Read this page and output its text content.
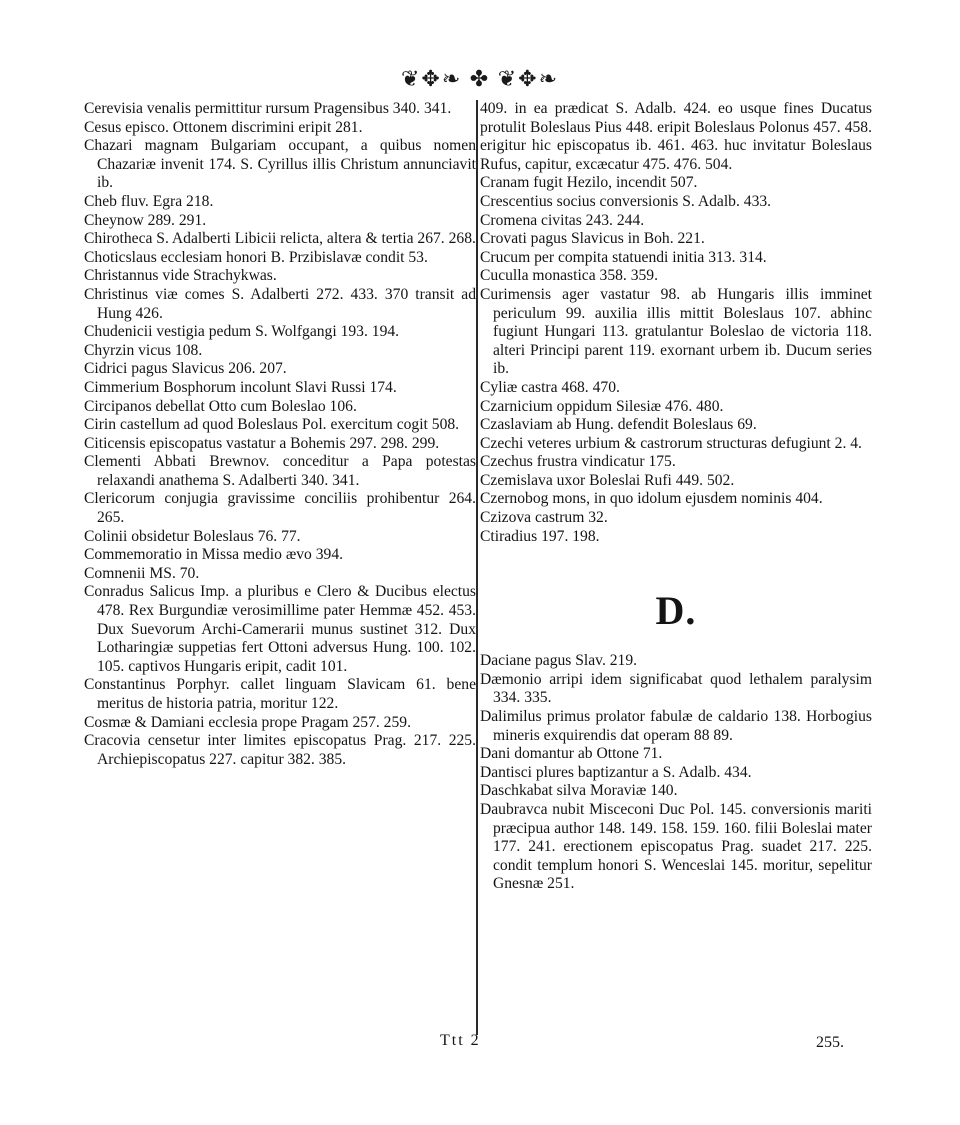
❦✥❧ ✤ ❦✥❧
Cerevisia venalis permittitur rursum Pragensibus 340. 341.
Cesus episco. Ottonem discrimini eripit 281.
Chazari magnam Bulgariam occupant, a quibus nomen Chazariæ invenit 174. S. Cyrillus illis Christum annunciavit ib.
Cheb fluv. Egra 218.
Cheynow 289. 291.
Chirotheca S. Adalberti Libicii relicta, altera & tertia 267. 268.
Choticslaus ecclesiam honori B. Przibislavæ condit 53.
Christannus vide Strachykwas.
Christinus viæ comes S. Adalberti 272. 433. 370 transit ad Hung 426.
Chudenicii vestigia pedum S. Wolfgangi 193. 194.
Chyrzin vicus 108.
Cidrici pagus Slavicus 206. 207.
Cimmerium Bosphorum incolunt Slavi Russi 174.
Circipanos debellat Otto cum Boleslao 106.
Cirin castellum ad quod Boleslaus Pol. exercitum cogit 508.
Citicensis episcopatus vastatur a Bohemis 297. 298. 299.
Clementi Abbati Brewnov. conceditur a Papa potestas relaxandi anathema S. Adalberti 340. 341.
Clericorum conjugia gravissime conciliis prohibentur 264. 265.
Colinii obsidetur Boleslaus 76. 77.
Commemoratio in Missa medio ævo 394.
Comnenii MS. 70.
Conradus Salicus Imp. a pluribus e Clero & Ducibus electus 478. Rex Burgundiæ verosimillime pater Hemmæ 452. 453. Dux Suevorum Archi-Camerarii munus sustinet 312. Dux Lotharingiæ suppetias fert Ottoni adversus Hung. 100. 102. 105. captivos Hungaris eripit, cadit 101.
Constantinus Porphyr. callet linguam Slavicam 61. bene meritus de historia patria, moritur 122.
Cosmæ & Damiani ecclesia prope Pragam 257. 259.
Cracovia censetur inter limites episcopatus Prag. 217. 225. Archiepiscopatus 227. capitur 382. 385.
409. in ea prædicat S. Adalb. 424. eo usque fines Ducatus protulit Boleslaus Pius 448. eripit Boleslaus Polonus 457. 458. erigitur hic episcopatus ib. 461. 463. huc invitatur Boleslaus Rufus, capitur, excæcatur 475. 476. 504.
Cranam fugit Hezilo, incendit 507.
Crescentius socius conversionis S. Adalb. 433.
Cromena civitas 243. 244.
Crovati pagus Slavicus in Boh. 221.
Crucum per compita statuendi initia 313. 314.
Cuculla monastica 358. 359.
Curimensis ager vastatur 98. ab Hungaris illis imminet periculum 99. auxilia illis mittit Boleslaus 107. abhinc fugiunt Hungari 113. gratulantur Boleslao de victoria 118. alteri Principi parent 119. exornant urbem ib. Ducum series ib.
Cyliæ castra 468. 470.
Czarnicium oppidum Silesiæ 476. 480.
Czaslaviam ab Hung. defendit Boleslaus 69.
Czechi veteres urbium & castrorum structuras defugiunt 2. 4.
Czechus frustra vindicatur 175.
Czemislava uxor Boleslai Rufi 449. 502.
Czernobog mons, in quo idolum ejusdem nominis 404.
Czizova castrum 32.
Ctiradius 197. 198.
D.
Daciane pagus Slav. 219.
Dæmonio arripi idem significabat quod lethalem paralysim 334. 335.
Dalimilus primus prolator fabulæ de caldario 138. Horbogius mineris exquirendis dat operam 88 89.
Dani domantur ab Ottone 71.
Dantisci plures baptizantur a S. Adalb. 434.
Daschkabat silva Moraviæ 140.
Daubravca nubit Misceconi Duc Pol. 145. conversionis mariti præcipua author 148. 149. 158. 159. 160. filii Boleslai mater 177. 241. erectionem episcopatus Prag. suadet 217. 225. condit templum honori S. Wenceslai 145. moritur, sepelitur Gnesnæ 251.
Ttt 2	255.
